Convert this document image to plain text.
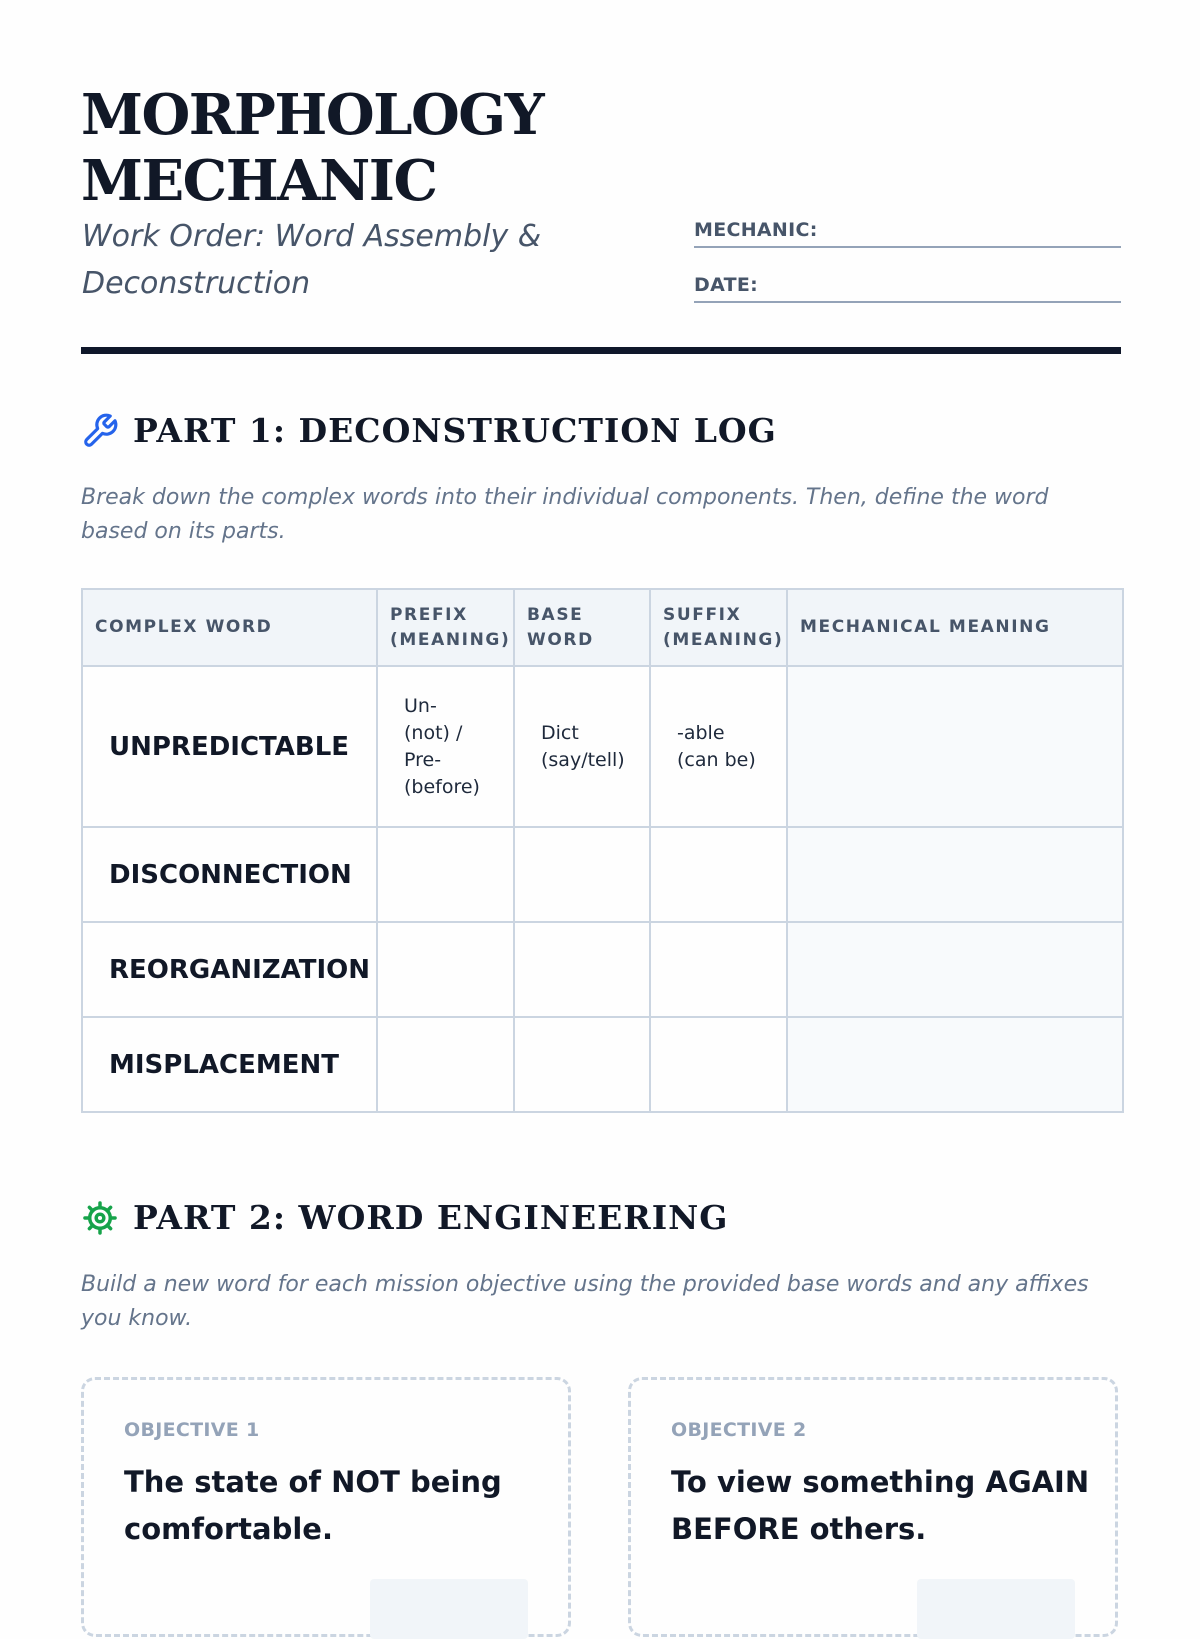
MORPHOLOGY
MECHANIC

Work Order: Word Assembly & Deconstruction

MECHANIC:
DATE:
PART 1: DECONSTRUCTION LOG

Break down the complex words into their individual components. Then, define the word based on its parts.

COMPLEX WORD	PREFIX (MEANING)	BASE WORD	SUFFIX (MEANING)	MECHANICAL MEANING
UNPREDICTABLE	Un- (not) / Pre- (before)	Dict (say/tell)	-able (can be)	
DISCONNECTION				
REORGANIZATION				
MISPLACEMENT				
PART 2: WORD ENGINEERING

Build a new word for each mission objective using the provided base words and any affixes you know.

OBJECTIVE 1

The state of NOT being comfortable.

OBJECTIVE 2

To view something AGAIN BEFORE others.
